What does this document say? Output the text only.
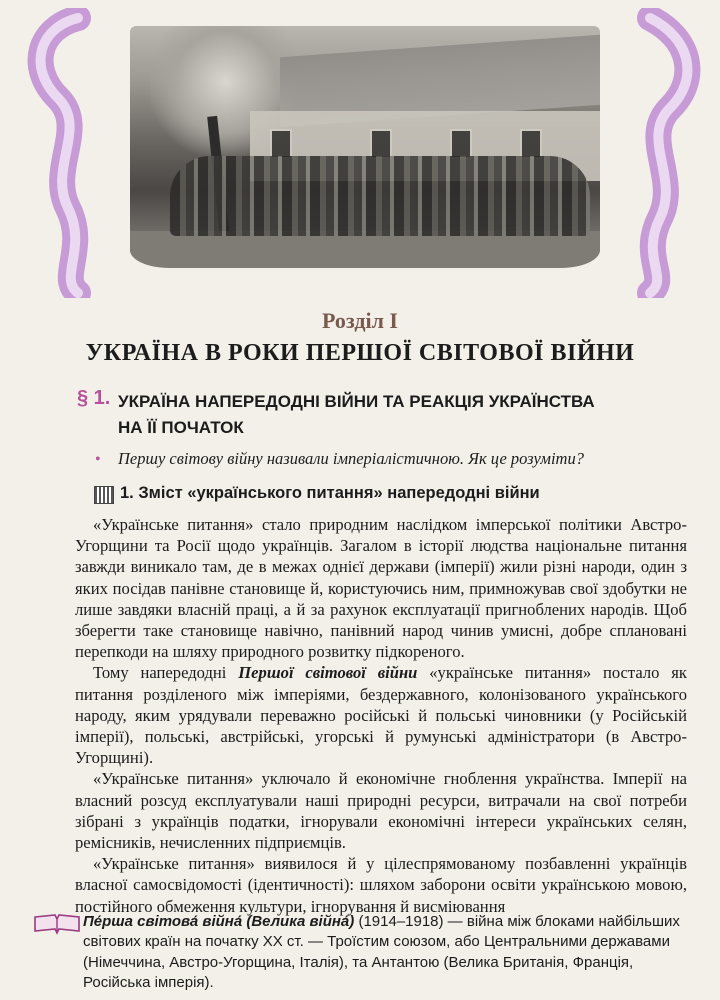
Розділ I
УКРАЇНА В РОКИ ПЕРШОЇ СВІТОВОЇ ВІЙНИ
§ 1. УКРАЇНА НАПЕРЕДОДНІ ВІЙНИ ТА РЕАКЦІЯ УКРАЇНСТВА НА ЇЇ ПОЧАТОК
• Першу світову війну називали імперіалістичною. Як це розуміти?
1. Зміст «українського питання» напередодні війни

«Українське питання» стало природним наслідком імперської політики Австро-Угорщини та Росії щодо українців. Загалом в історії людства національне питання завжди виникало там, де в межах однієї держави (імперії) жили різні народи, один з яких посідав панівне становище й, користуючись ним, примножував свої здобутки не лише завдяки власній праці, а й за рахунок експлуатації пригноблених народів. Щоб зберегти таке становище навічно, панівний народ чинив умисні, добре сплановані перепкоди на шляху природного розвитку підкореного.

Тому напередодні Першої світової війни «українське питання» постало як питання розділеного між імперіями, бездержавного, колонізованого українського народу, яким урядували переважно російські й польські чиновники (у Російській імперії), польські, австрійські, угорські й румунські адміністратори (в Австро-Угорщині).

«Українське питання» уключало й економічне гноблення українства. Імперії на власний розсуд експлуатували наші природні ресурси, витрачали на свої потреби зібрані з українців податки, ігнорували економічні інтереси українських селян, ремісників, нечисленних підприємців.

«Українське питання» виявилося й у цілеспрямованому позбавленні українців власної самосвідомості (ідентичності): шляхом заборони освіти українською мовою, постійного обмеження культури, ігнорування й висміювання

Пе́рша світова́ війна́ (Велика війна́) (1914–1918) — війна між блоками найбільших світових країн на початку XX ст. — Троїстим союзом, або Центральними державами (Німеччина, Австро-Угорщина, Італія), та Антантою (Велика Британія, Франція, Російська імперія).
